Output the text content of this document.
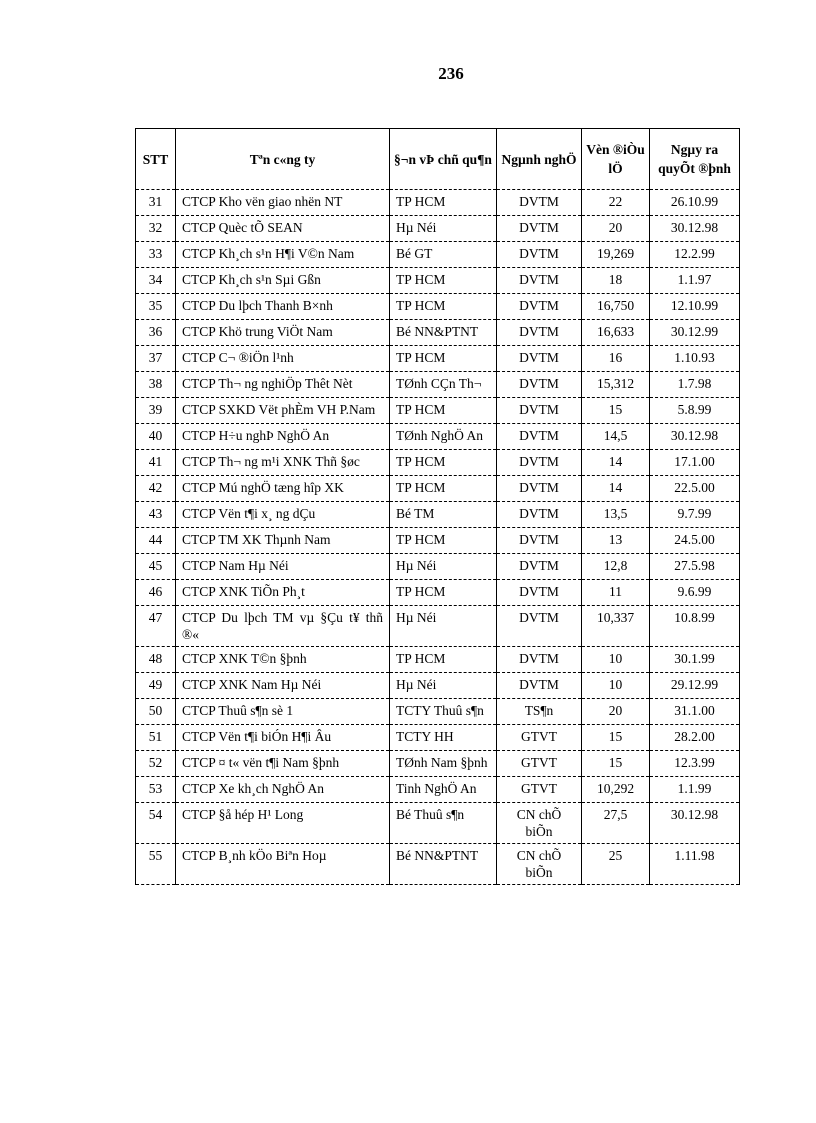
236
STT	Tªn c«ng ty	§¬n vÞ chñ qu¶n	Ngµnh nghÖ	Vèn ®iÒu lÖ	Ngµy ra quyÕt ®þnh
31	CTCP Kho vën giao nhën NT	TP HCM	DVTM	22	26.10.99
32	CTCP Quèc tÕ SEAN	Hµ Néi	DVTM	20	30.12.98
33	CTCP Kh¸ch s¹n H¶i V©n Nam	Bé GT	DVTM	19,269	12.2.99
34	CTCP Kh¸ch s¹n Sµi Gßn	TP HCM	DVTM	18	1.1.97
35	CTCP Du lþch Thanh B×nh	TP HCM	DVTM	16,750	12.10.99
36	CTCP Khö trung ViÖt Nam	Bé NN&PTNT	DVTM	16,633	30.12.99
37	CTCP C¬ ®iÖn l¹nh	TP HCM	DVTM	16	1.10.93
38	CTCP Th¬ ng nghiÖp Thêt Nèt	TØnh CÇn Th¬	DVTM	15,312	1.7.98
39	CTCP SXKD Vët phÈm VH P.Nam	TP HCM	DVTM	15	5.8.99
40	CTCP H÷u nghÞ NghÖ An	TØnh NghÖ An	DVTM	14,5	30.12.98
41	CTCP Th¬ ng m¹i XNK Thñ §øc	TP HCM	DVTM	14	17.1.00
42	CTCP Mú nghÖ tæng hîp XK	TP HCM	DVTM	14	22.5.00
43	CTCP Vën t¶i x¸ ng dÇu	Bé TM	DVTM	13,5	9.7.99
44	CTCP TM XK Thµnh Nam	TP HCM	DVTM	13	24.5.00
45	CTCP Nam Hµ Néi	Hµ Néi	DVTM	12,8	27.5.98
46	CTCP XNK TiÕn Ph¸t	TP HCM	DVTM	11	9.6.99
47	CTCP Du lþch TM vµ §Çu t¥ thñ ®«	Hµ Néi	DVTM	10,337	10.8.99
48	CTCP XNK T©n §þnh	TP HCM	DVTM	10	30.1.99
49	CTCP XNK Nam Hµ Néi	Hµ Néi	DVTM	10	29.12.99
50	CTCP Thuû s¶n sè 1	TCTY Thuû s¶n	TS¶n	20	31.1.00
51	CTCP Vën t¶i biÓn H¶i Âu	TCTY HH	GTVT	15	28.2.00
52	CTCP ¤ t« vën t¶i Nam §þnh	TØnh Nam §þnh	GTVT	15	12.3.99
53	CTCP Xe kh¸ch NghÖ An	Tinh NghÖ An	GTVT	10,292	1.1.99
54	CTCP §å hép H¹ Long	Bé Thuû s¶n	CN chÕ biÕn	27,5	30.12.98
55	CTCP B¸nh kÖo Biªn Hoµ	Bé NN&PTNT	CN chÕ biÕn	25	1.11.98
